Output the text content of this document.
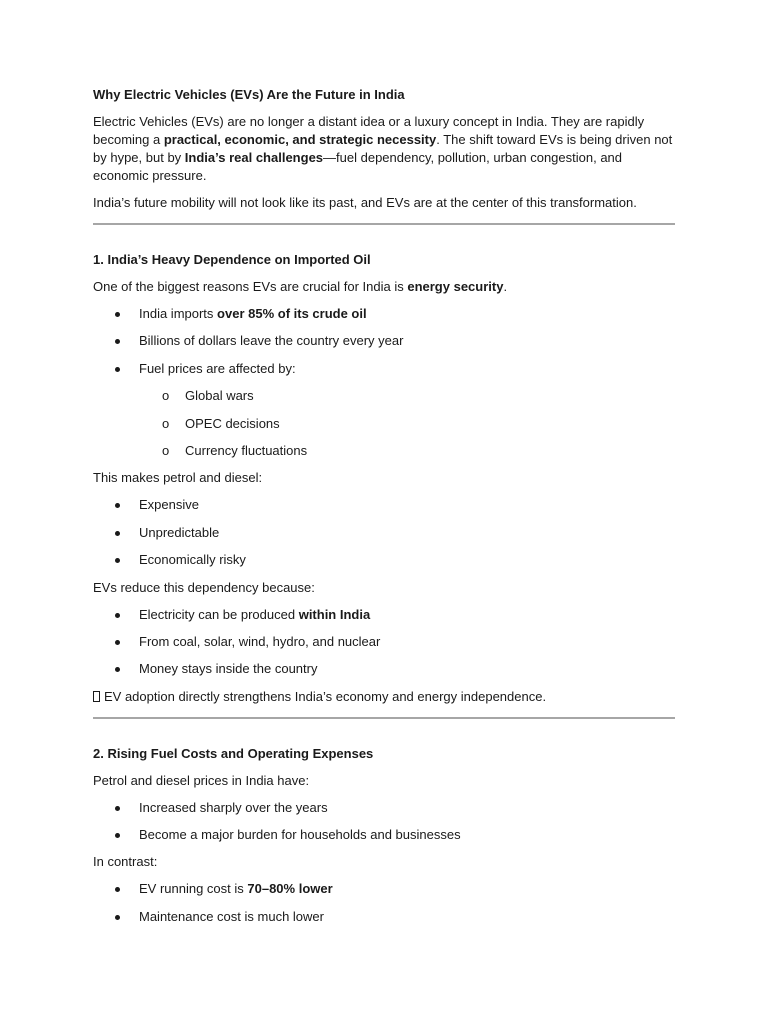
Why Electric Vehicles (EVs) Are the Future in India

Electric Vehicles (EVs) are no longer a distant idea or a luxury concept in India. They are rapidly becoming a practical, economic, and strategic necessity. The shift toward EVs is being driven not by hype, but by India’s real challenges—fuel dependency, pollution, urban congestion, and economic pressure.

India’s future mobility will not look like its past, and EVs are at the center of this transformation.

1. India’s Heavy Dependence on Imported Oil

One of the biggest reasons EVs are crucial for India is energy security.

India imports over 85% of its crude oil
Billions of dollars leave the country every year
Fuel prices are affected by:
o Global wars
o OPEC decisions
o Currency fluctuations

This makes petrol and diesel:

Expensive
Unpredictable
Economically risky

EVs reduce this dependency because:

Electricity can be produced within India
From coal, solar, wind, hydro, and nuclear
Money stays inside the country

EV adoption directly strengthens India’s economy and energy independence.

2. Rising Fuel Costs and Operating Expenses

Petrol and diesel prices in India have:

Increased sharply over the years
Become a major burden for households and businesses

In contrast:

EV running cost is 70–80% lower
Maintenance cost is much lower
